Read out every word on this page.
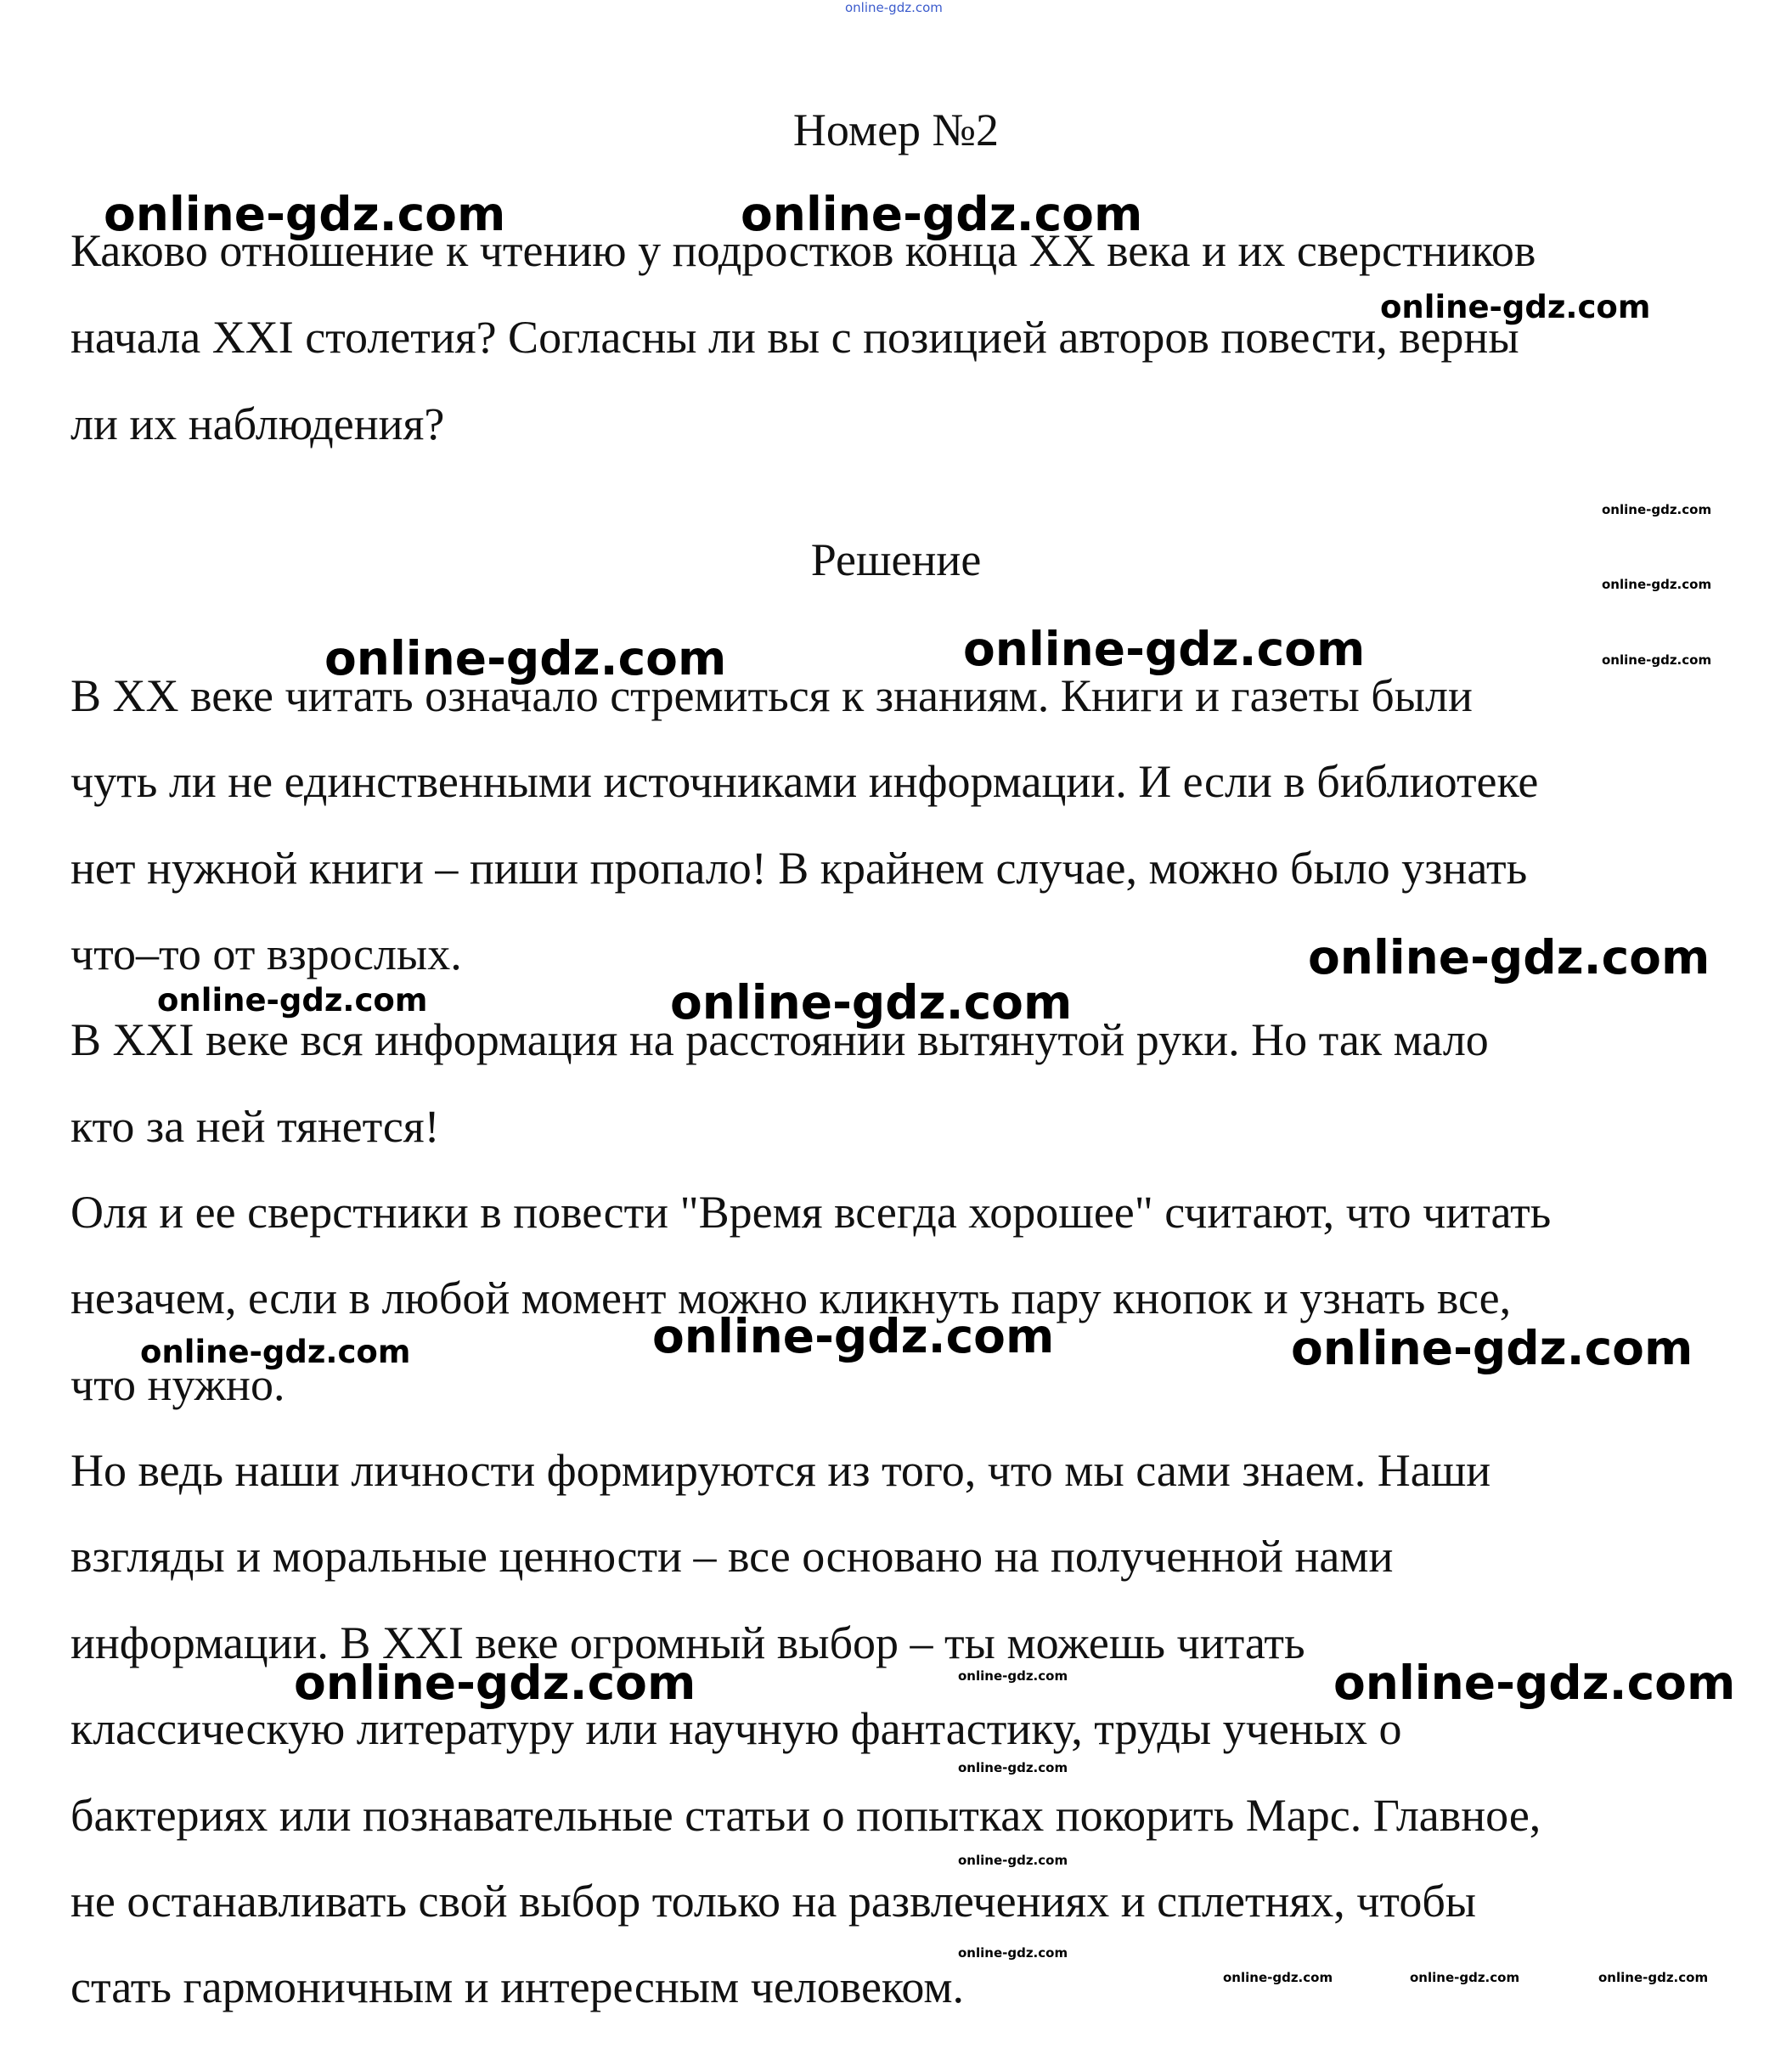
online-gdz.com
Номер №2
Каково отношение к чтению у подростков конца XX века и их сверстников
начала XXI столетия? Согласны ли вы с позицией авторов повести, верны
ли их наблюдения?
Решение
В XX веке читать означало стремиться к знаниям. Книги и газеты были
чуть ли не единственными источниками информации. И если в библиотеке
нет нужной книги – пиши пропало! В крайнем случае, можно было узнать
что–то от взрослых.
В XXI веке вся информация на расстоянии вытянутой руки. Но так мало
кто за ней тянется!
Оля и ее сверстники в повести "Время всегда хорошее" считают, что читать
незачем, если в любой момент можно кликнуть пару кнопок и узнать все,
что нужно.
Но ведь наши личности формируются из того, что мы сами знаем. Наши
взгляды и моральные ценности – все основано на полученной нами
информации. В XXI веке огромный выбор – ты можешь читать
классическую литературу или научную фантастику, труды ученых о
бактериях или познавательные статьи о попытках покорить Марс. Главное,
не останавливать свой выбор только на развлечениях и сплетнях, чтобы
стать гармоничным и интересным человеком.
online-gdz.com	online-gdz.com
online-gdz.com
online-gdz.com
online-gdz.com
online-gdz.com
online-gdz.com	online-gdz.com
online-gdz.com
online-gdz.com	online-gdz.com
online-gdz.com	online-gdz.com	online-gdz.com
online-gdz.com	online-gdz.com	online-gdz.com
online-gdz.com
online-gdz.com
online-gdz.com
online-gdz.com	online-gdz.com	online-gdz.com
